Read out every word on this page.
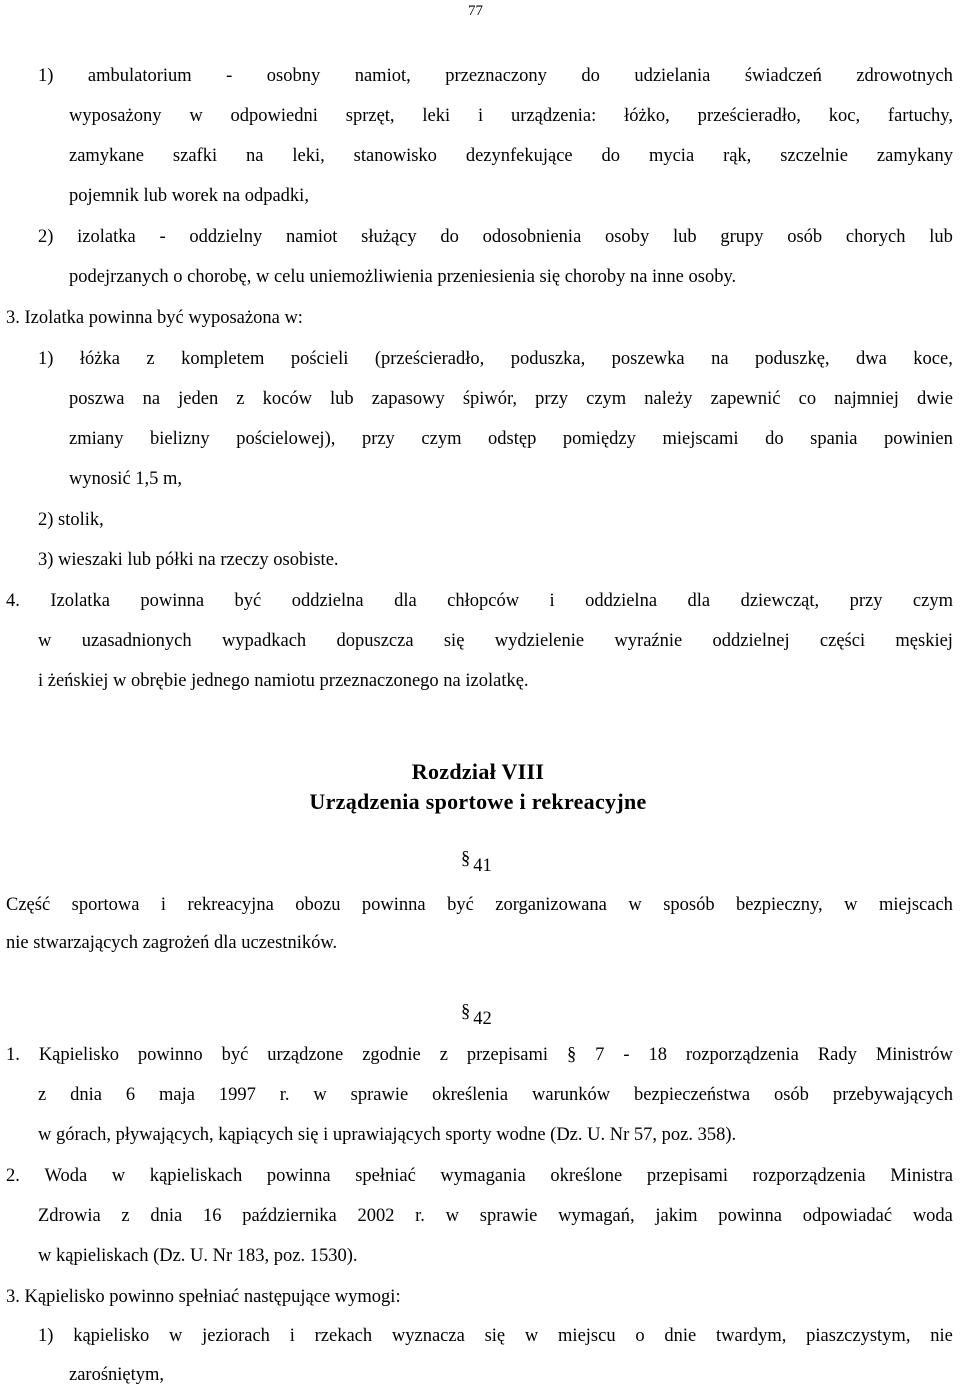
77
1) ambulatorium - osobny namiot, przeznaczony do udzielania świadczeń zdrowotnych
wyposażony w odpowiedni sprzęt, leki i urządzenia: łóżko, prześcieradło, koc, fartuchy,
zamykane szafki na leki, stanowisko dezynfekujące do mycia rąk, szczelnie zamykany
pojemnik lub worek na odpadki,
2) izolatka - oddzielny namiot służący do odosobnienia osoby lub grupy osób chorych lub
podejrzanych o chorobę, w celu uniemożliwienia przeniesienia się choroby na inne osoby.
3. Izolatka powinna być wyposażona w:
1) łóżka z kompletem pościeli (prześcieradło, poduszka, poszewka na poduszkę, dwa koce,
poszwa na jeden z koców lub zapasowy śpiwór, przy czym należy zapewnić co najmniej dwie
zmiany bielizny pościelowej), przy czym odstęp pomiędzy miejscami do spania powinien
wynosić 1,5 m,
2) stolik,
3) wieszaki lub półki na rzeczy osobiste.
4. Izolatka powinna być oddzielna dla chłopców i oddzielna dla dziewcząt, przy czym
w uzasadnionych wypadkach dopuszcza się wydzielenie wyraźnie oddzielnej części męskiej
i żeńskiej w obrębie jednego namiotu przeznaczonego na izolatkę.
Rozdział VIII
Urządzenia sportowe i rekreacyjne
§ 41
Część sportowa i rekreacyjna obozu powinna być zorganizowana w sposób bezpieczny, w miejscach
nie stwarzających zagrożeń dla uczestników.
§ 42
1. Kąpielisko powinno być urządzone zgodnie z przepisami § 7 - 18 rozporządzenia Rady Ministrów
z dnia 6 maja 1997 r. w sprawie określenia warunków bezpieczeństwa osób przebywających
w górach, pływających, kąpiących się i uprawiających sporty wodne (Dz. U. Nr 57, poz. 358).
2. Woda w kąpieliskach powinna spełniać wymagania określone przepisami rozporządzenia Ministra
Zdrowia z dnia 16 października 2002 r. w sprawie wymagań, jakim powinna odpowiadać woda
w kąpieliskach (Dz. U. Nr 183, poz. 1530).
3. Kąpielisko powinno spełniać następujące wymogi:
1) kąpielisko w jeziorach i rzekach wyznacza się w miejscu o dnie twardym, piaszczystym, nie
zarośniętym,
